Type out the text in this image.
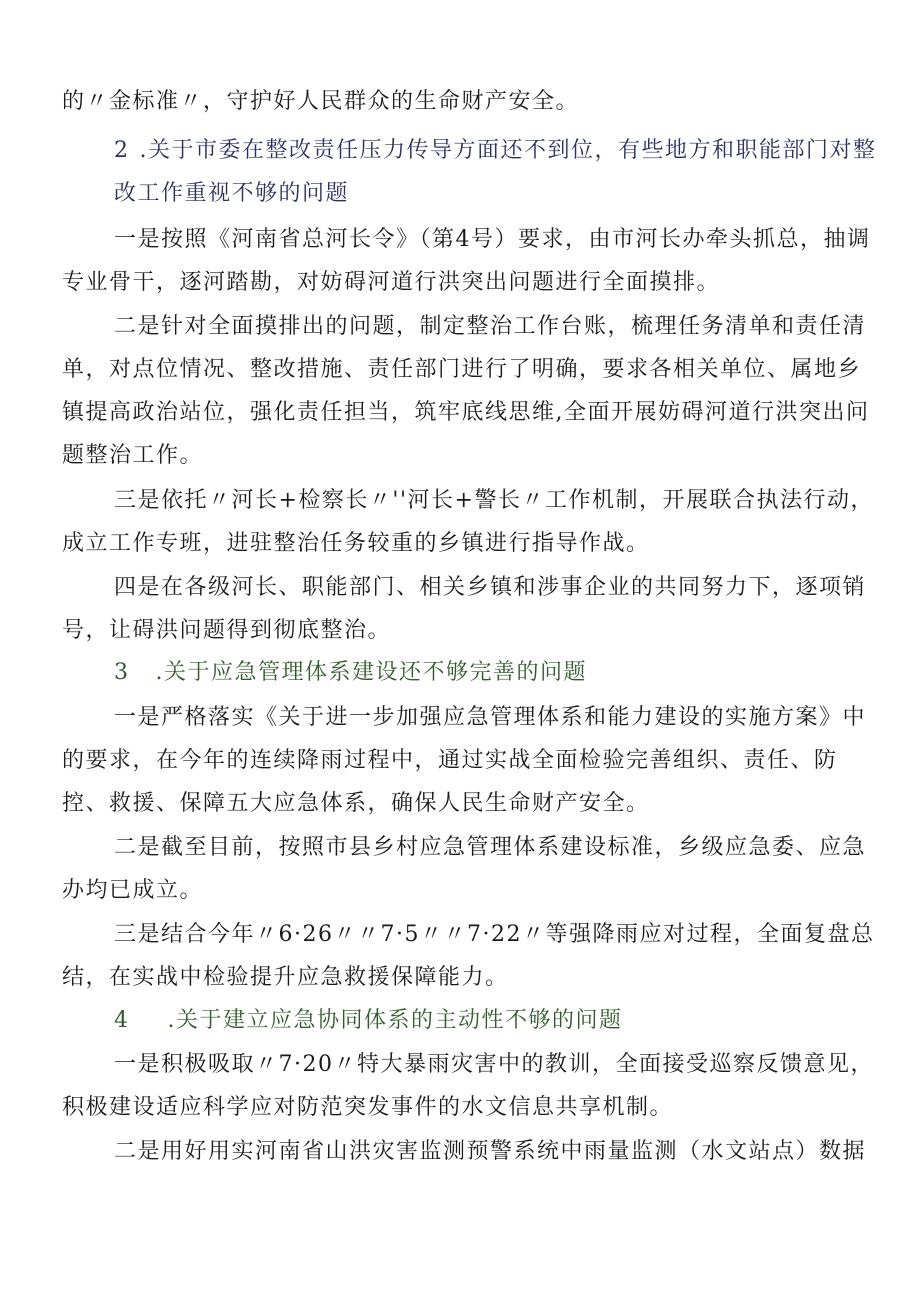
的〃金标准〃，守护好人民群众的生命财产安全。

2 .关于市委在整改责任压力传导方面还不到位，有些地方和职能部门对整改工作重视不够的问题

一是按照《河南省总河长令》（第4号）要求，由市河长办牵头抓总，抽调专业骨干，逐河踏勘，对妨碍河道行洪突出问题进行全面摸排。

二是针对全面摸排出的问题，制定整治工作台账，梳理任务清单和责任清单，对点位情况、整改措施、责任部门进行了明确，要求各相关单位、属地乡镇提高政治站位，强化责任担当，筑牢底线思维,全面开展妨碍河道行洪突出问题整治工作。

三是依托〃河长+检察长〃''河长+警长〃工作机制，开展联合执法行动，成立工作专班，进驻整治任务较重的乡镇进行指导作战。

四是在各级河长、职能部门、相关乡镇和涉事企业的共同努力下，逐项销号，让碍洪问题得到彻底整治。

3 .关于应急管理体系建设还不够完善的问题

一是严格落实《关于进一步加强应急管理体系和能力建设的实施方案》中的要求，在今年的连续降雨过程中，通过实战全面检验完善组织、责任、防控、救援、保障五大应急体系，确保人民生命财产安全。

二是截至目前，按照市县乡村应急管理体系建设标准，乡级应急委、应急办均已成立。

三是结合今年〃6·26〃〃7·5〃〃7·22〃等强降雨应对过程，全面复盘总结，在实战中检验提升应急救援保障能力。

4 .关于建立应急协同体系的主动性不够的问题

一是积极吸取〃7·20〃特大暴雨灾害中的教训，全面接受巡察反馈意见，积极建设适应科学应对防范突发事件的水文信息共享机制。

二是用好用实河南省山洪灾害监测预警系统中雨量监测（水文站点）数据
